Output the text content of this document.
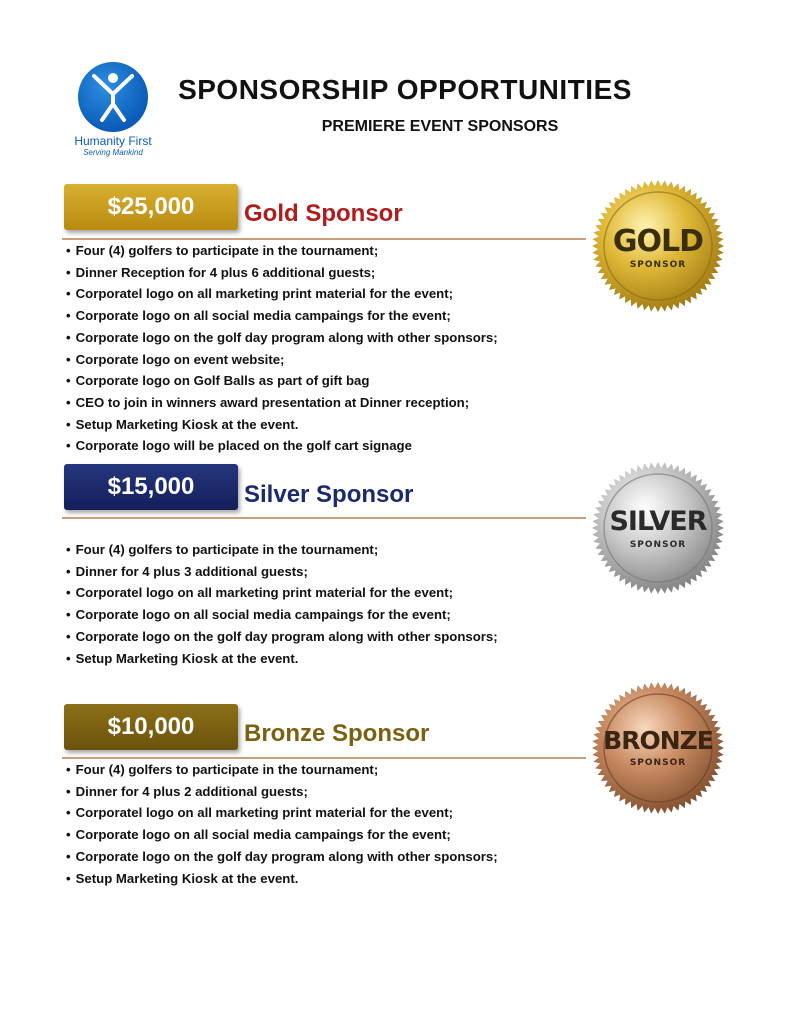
Humanity First
Serving Mankind
SPONSORSHIP OPPORTUNITIES
PREMIERE EVENT SPONSORS
$25,000	Gold Sponsor
• Four (4) golfers to participate in the tournament;
• Dinner Reception for 4 plus 6 additional guests;
• Corporatel logo on all marketing print material for the event;
• Corporate logo on all social media campaings for the event;
• Corporate logo on the golf day program along with other sponsors;
• Corporate logo on event website;
• Corporate logo on Golf Balls as part of gift bag
• CEO to join in winners award presentation at Dinner reception;
• Setup Marketing Kiosk at the event.
• Corporate logo will be placed on the golf cart signage
$15,000	Silver Sponsor
• Four (4) golfers to participate in the tournament;
• Dinner for 4 plus 3 additional guests;
• Corporatel logo on all marketing print material for the event;
• Corporate logo on all social media campaings for the event;
• Corporate logo on the golf day program along with other sponsors;
• Setup Marketing Kiosk at the event.
$10,000	Bronze Sponsor
• Four (4) golfers to participate in the tournament;
• Dinner for 4 plus 2 additional guests;
• Corporatel logo on all marketing print material for the event;
• Corporate logo on all social media campaings for the event;
• Corporate logo on the golf day program along with other sponsors;
• Setup Marketing Kiosk at the event.
GOLD
SPONSOR
SILVER
SPONSOR
BRONZE
SPONSOR
